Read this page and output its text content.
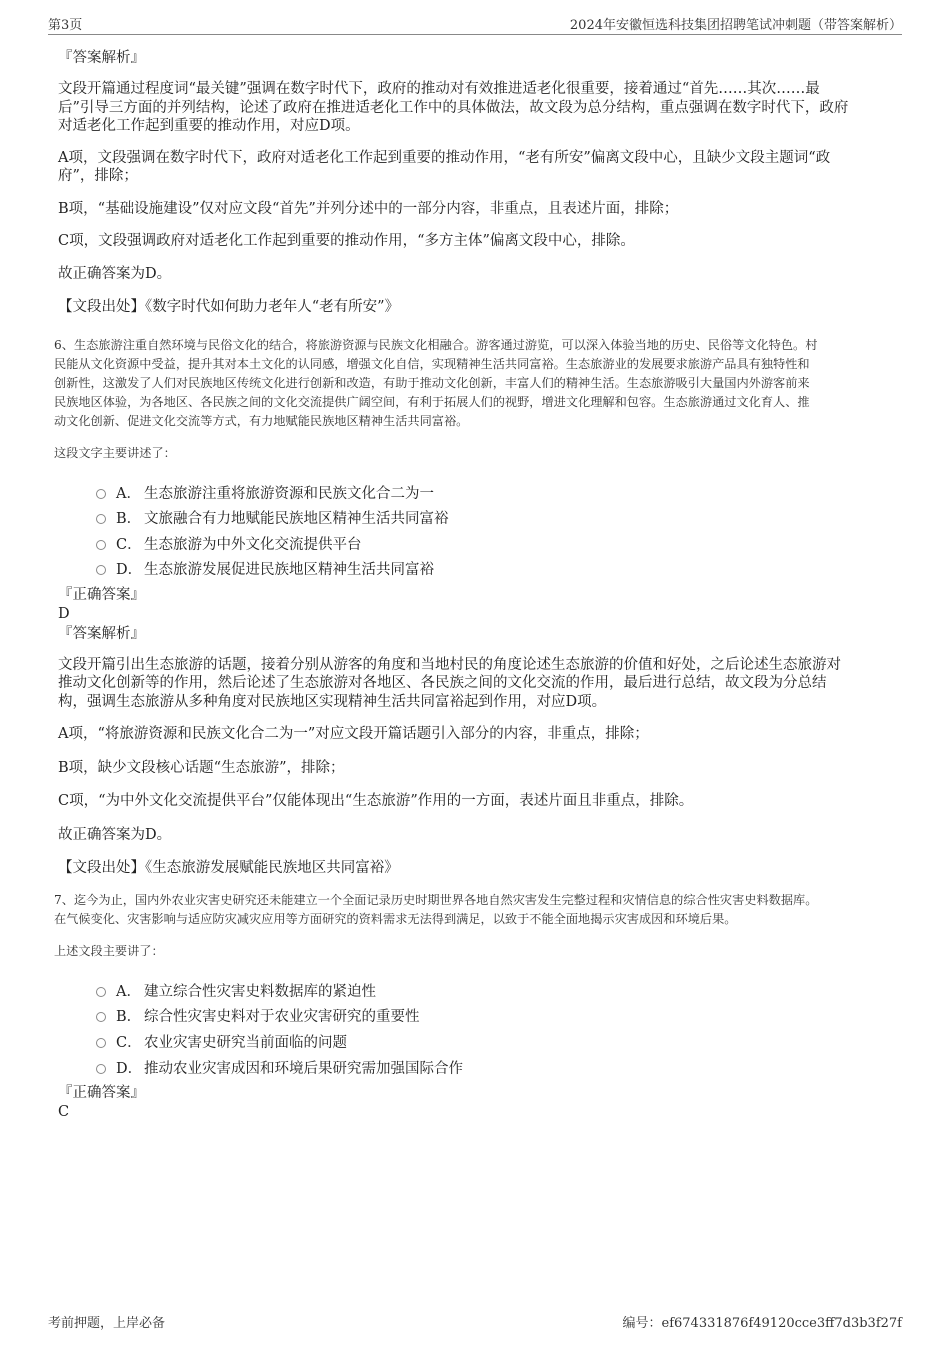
第3页	2024年安徽恒选科技集团招聘笔试冲刺题（带答案解析）
『答案解析』
文段开篇通过程度词“最关键”强调在数字时代下，政府的推动对有效推进适老化很重要，接着通过“首先……其次……最
后”引导三方面的并列结构，论述了政府在推进适老化工作中的具体做法，故文段为总分结构，重点强调在数字时代下，政府
对适老化工作起到重要的推动作用，对应D项。
A项，文段强调在数字时代下，政府对适老化工作起到重要的推动作用，“老有所安”偏离文段中心，且缺少文段主题词“政
府”，排除；
B项，“基础设施建设”仅对应文段“首先”并列分述中的一部分内容，非重点，且表述片面，排除；
C项，文段强调政府对适老化工作起到重要的推动作用，“多方主体”偏离文段中心，排除。
故正确答案为D。
【文段出处】《数字时代如何助力老年人“老有所安”》
6、生态旅游注重自然环境与民俗文化的结合，将旅游资源与民族文化相融合。游客通过游览，可以深入体验当地的历史、民俗等文化特色。村
民能从文化资源中受益，提升其对本土文化的认同感，增强文化自信，实现精神生活共同富裕。生态旅游业的发展要求旅游产品具有独特性和
创新性，这激发了人们对民族地区传统文化进行创新和改造，有助于推动文化创新，丰富人们的精神生活。生态旅游吸引大量国内外游客前来
民族地区体验，为各地区、各民族之间的文化交流提供广阔空间，有利于拓展人们的视野，增进文化理解和包容。生态旅游通过文化育人、推
动文化创新、促进文化交流等方式，有力地赋能民族地区精神生活共同富裕。
这段文字主要讲述了：
A． 生态旅游注重将旅游资源和民族文化合二为一
B． 文旅融合有力地赋能民族地区精神生活共同富裕
C． 生态旅游为中外文化交流提供平台
D． 生态旅游发展促进民族地区精神生活共同富裕
『正确答案』
D
『答案解析』
文段开篇引出生态旅游的话题，接着分别从游客的角度和当地村民的角度论述生态旅游的价值和好处，之后论述生态旅游对
推动文化创新等的作用，然后论述了生态旅游对各地区、各民族之间的文化交流的作用，最后进行总结，故文段为分总结
构，强调生态旅游从多种角度对民族地区实现精神生活共同富裕起到作用，对应D项。
A项，“将旅游资源和民族文化合二为一”对应文段开篇话题引入部分的内容，非重点，排除；
B项，缺少文段核心话题“生态旅游”，排除；
C项，“为中外文化交流提供平台”仅能体现出“生态旅游”作用的一方面，表述片面且非重点，排除。
故正确答案为D。
【文段出处】《生态旅游发展赋能民族地区共同富裕》
7、迄今为止，国内外农业灾害史研究还未能建立一个全面记录历史时期世界各地自然灾害发生完整过程和灾情信息的综合性灾害史料数据库。
在气候变化、灾害影响与适应防灾减灾应用等方面研究的资料需求无法得到满足，以致于不能全面地揭示灾害成因和环境后果。
上述文段主要讲了：
A． 建立综合性灾害史料数据库的紧迫性
B． 综合性灾害史料对于农业灾害研究的重要性
C． 农业灾害史研究当前面临的问题
D． 推动农业灾害成因和环境后果研究需加强国际合作
『正确答案』
C
考前押题，上岸必备	编号：ef674331876f49120cce3ff7d3b3f27f
